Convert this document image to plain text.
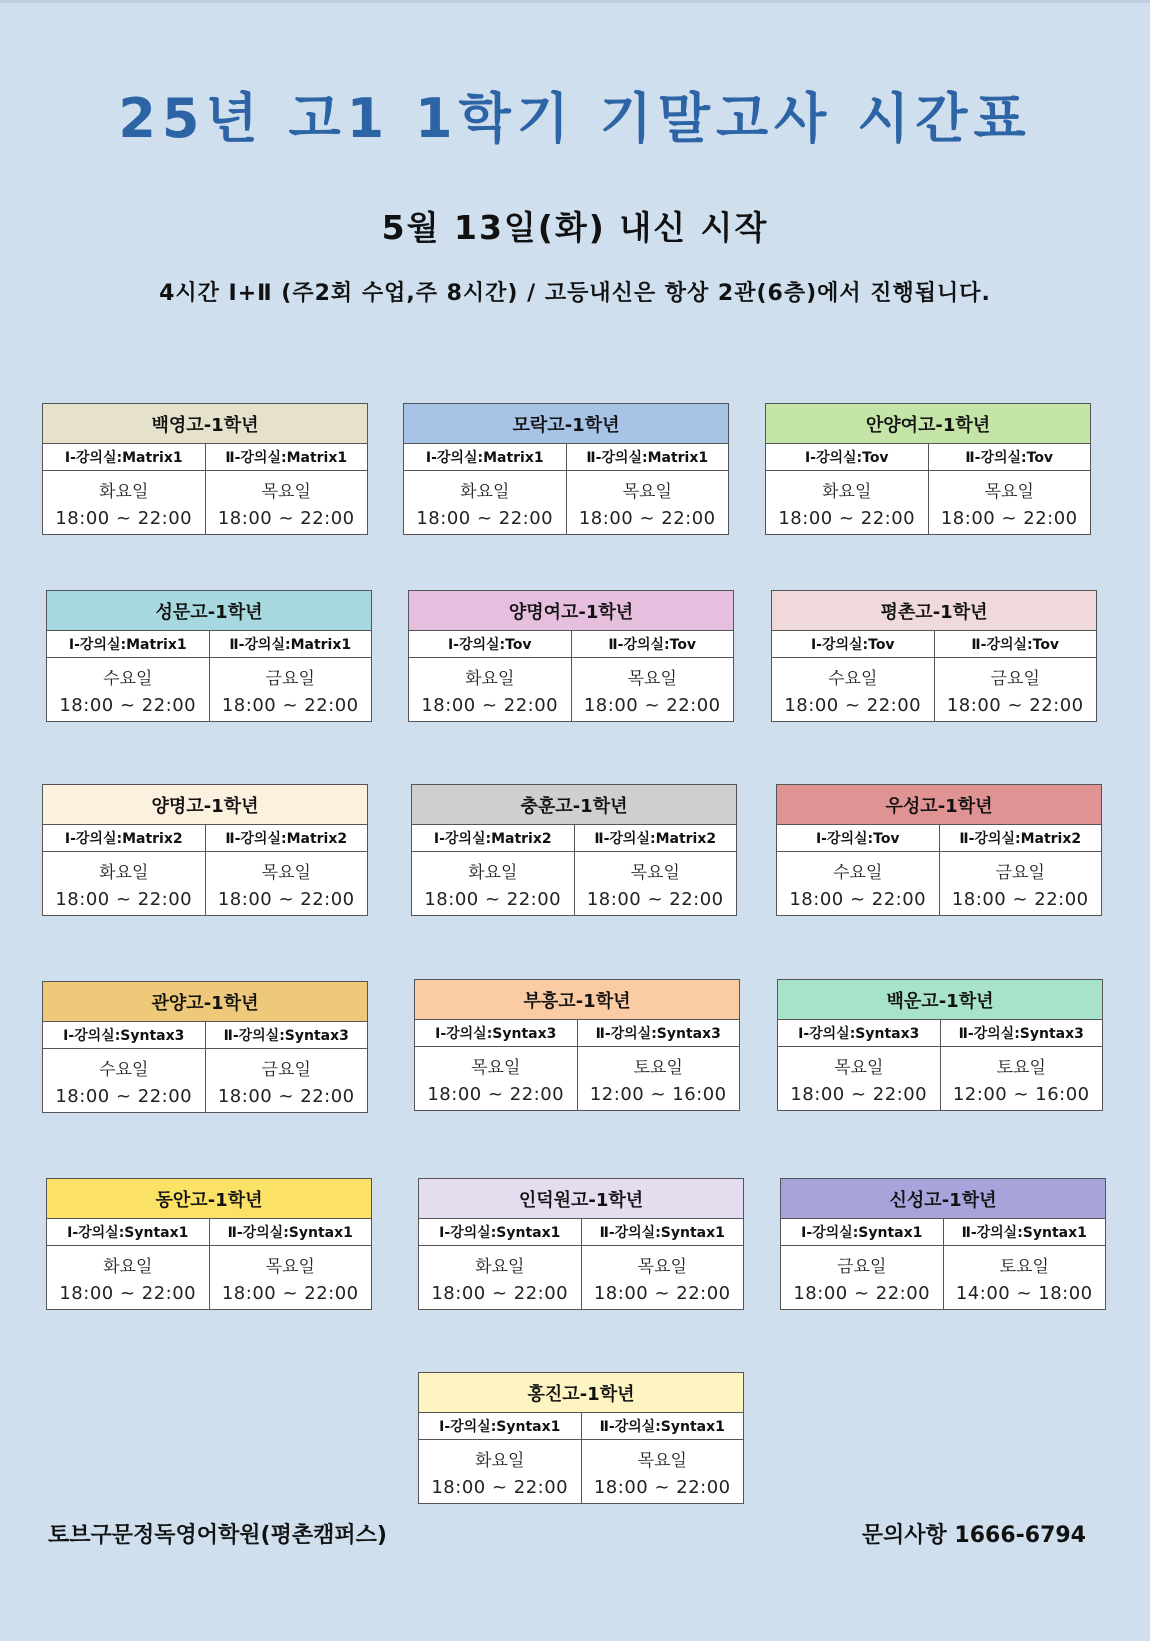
25년 고1 1학기 기말고사 시간표
5월 13일(화) 내신 시작
4시간 Ⅰ+Ⅱ (주2회 수업,주 8시간) / 고등내신은 항상 2관(6층)에서 진행됩니다.
백영고-1학년
Ⅰ-강의실:Matrix1	Ⅱ-강의실:Matrix1
화요일
18:00 ~ 22:00
목요일
18:00 ~ 22:00
모락고-1학년
Ⅰ-강의실:Matrix1	Ⅱ-강의실:Matrix1
화요일
18:00 ~ 22:00
목요일
18:00 ~ 22:00
안양여고-1학년
Ⅰ-강의실:Tov	Ⅱ-강의실:Tov
화요일
18:00 ~ 22:00
목요일
18:00 ~ 22:00
성문고-1학년
Ⅰ-강의실:Matrix1	Ⅱ-강의실:Matrix1
수요일
18:00 ~ 22:00
금요일
18:00 ~ 22:00
양명여고-1학년
Ⅰ-강의실:Tov	Ⅱ-강의실:Tov
화요일
18:00 ~ 22:00
목요일
18:00 ~ 22:00
평촌고-1학년
Ⅰ-강의실:Tov	Ⅱ-강의실:Tov
수요일
18:00 ~ 22:00
금요일
18:00 ~ 22:00
양명고-1학년
Ⅰ-강의실:Matrix2	Ⅱ-강의실:Matrix2
화요일
18:00 ~ 22:00
목요일
18:00 ~ 22:00
충훈고-1학년
Ⅰ-강의실:Matrix2	Ⅱ-강의실:Matrix2
화요일
18:00 ~ 22:00
목요일
18:00 ~ 22:00
우성고-1학년
Ⅰ-강의실:Tov	Ⅱ-강의실:Matrix2
수요일
18:00 ~ 22:00
금요일
18:00 ~ 22:00
관양고-1학년
Ⅰ-강의실:Syntax3	Ⅱ-강의실:Syntax3
수요일
18:00 ~ 22:00
금요일
18:00 ~ 22:00
부흥고-1학년
Ⅰ-강의실:Syntax3	Ⅱ-강의실:Syntax3
목요일
18:00 ~ 22:00
토요일
12:00 ~ 16:00
백운고-1학년
Ⅰ-강의실:Syntax3	Ⅱ-강의실:Syntax3
목요일
18:00 ~ 22:00
토요일
12:00 ~ 16:00
동안고-1학년
Ⅰ-강의실:Syntax1	Ⅱ-강의실:Syntax1
화요일
18:00 ~ 22:00
목요일
18:00 ~ 22:00
인덕원고-1학년
Ⅰ-강의실:Syntax1	Ⅱ-강의실:Syntax1
화요일
18:00 ~ 22:00
목요일
18:00 ~ 22:00
신성고-1학년
Ⅰ-강의실:Syntax1	Ⅱ-강의실:Syntax1
금요일
18:00 ~ 22:00
토요일
14:00 ~ 18:00
홍진고-1학년
Ⅰ-강의실:Syntax1	Ⅱ-강의실:Syntax1
화요일
18:00 ~ 22:00
목요일
18:00 ~ 22:00
토브구문정독영어학원(평촌캠퍼스)	문의사항 1666-6794
